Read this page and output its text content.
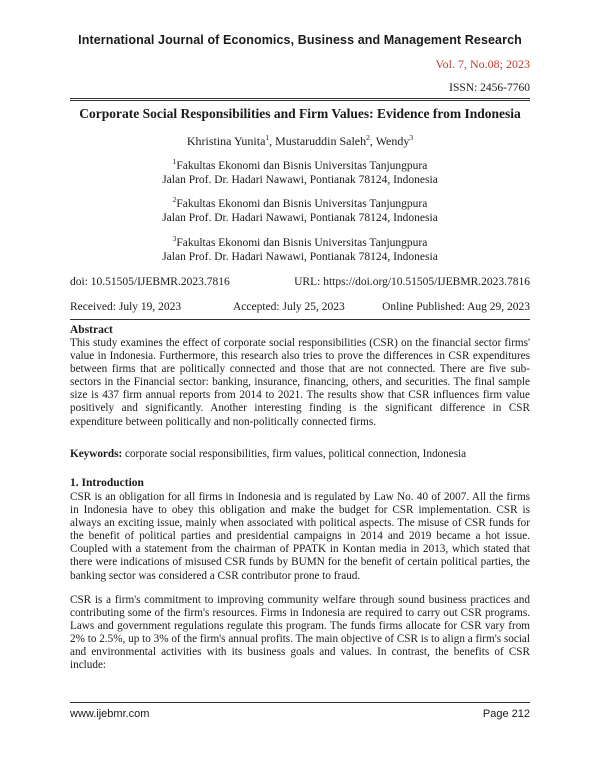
International Journal of Economics, Business and Management Research
Vol. 7, No.08; 2023
ISSN: 2456-7760
Corporate Social Responsibilities and Firm Values: Evidence from Indonesia
Khristina Yunita$^1$, Mustaruddin Saleh$^2$, Wendy$^3$
$^1$Fakultas Ekonomi dan Bisnis Universitas Tanjungpura
Jalan Prof. Dr. Hadari Nawawi, Pontianak 78124, Indonesia
$^2$Fakultas Ekonomi dan Bisnis Universitas Tanjungpura
Jalan Prof. Dr. Hadari Nawawi, Pontianak 78124, Indonesia
$^3$Fakultas Ekonomi dan Bisnis Universitas Tanjungpura
Jalan Prof. Dr. Hadari Nawawi, Pontianak 78124, Indonesia
doi: 10.51505/IJEBMR.2023.7816	URL: https://doi.org/10.51505/IJEBMR.2023.7816
Received: July 19, 2023	Accepted: July 25, 2023	Online Published: Aug 29, 2023
Abstract

This study examines the effect of corporate social responsibilities (CSR) on the financial sector firms' value in Indonesia. Furthermore, this research also tries to prove the differences in CSR expenditures between firms that are politically connected and those that are not connected. There are five sub-sectors in the Financial sector: banking, insurance, financing, others, and securities. The final sample size is 437 firm annual reports from 2014 to 2021. The results show that CSR influences firm value positively and significantly. Another interesting finding is the significant difference in CSR expenditure between politically and non-politically connected firms.

Keywords: corporate social responsibilities, firm values, political connection, Indonesia

1. Introduction

CSR is an obligation for all firms in Indonesia and is regulated by Law No. 40 of 2007. All the firms in Indonesia have to obey this obligation and make the budget for CSR implementation. CSR is always an exciting issue, mainly when associated with political aspects. The misuse of CSR funds for the benefit of political parties and presidential campaigns in 2014 and 2019 became a hot issue. Coupled with a statement from the chairman of PPATK in Kontan media in 2013, which stated that there were indications of misused CSR funds by BUMN for the benefit of certain political parties, the banking sector was considered a CSR contributor prone to fraud.

CSR is a firm's commitment to improving community welfare through sound business practices and contributing some of the firm's resources. Firms in Indonesia are required to carry out CSR programs. Laws and government regulations regulate this program. The funds firms allocate for CSR vary from 2% to 2.5%, up to 3% of the firm's annual profits. The main objective of CSR is to align a firm's social and environmental activities with its business goals and values. In contrast, the benefits of CSR include:

www.ijebmr.com	Page 212
